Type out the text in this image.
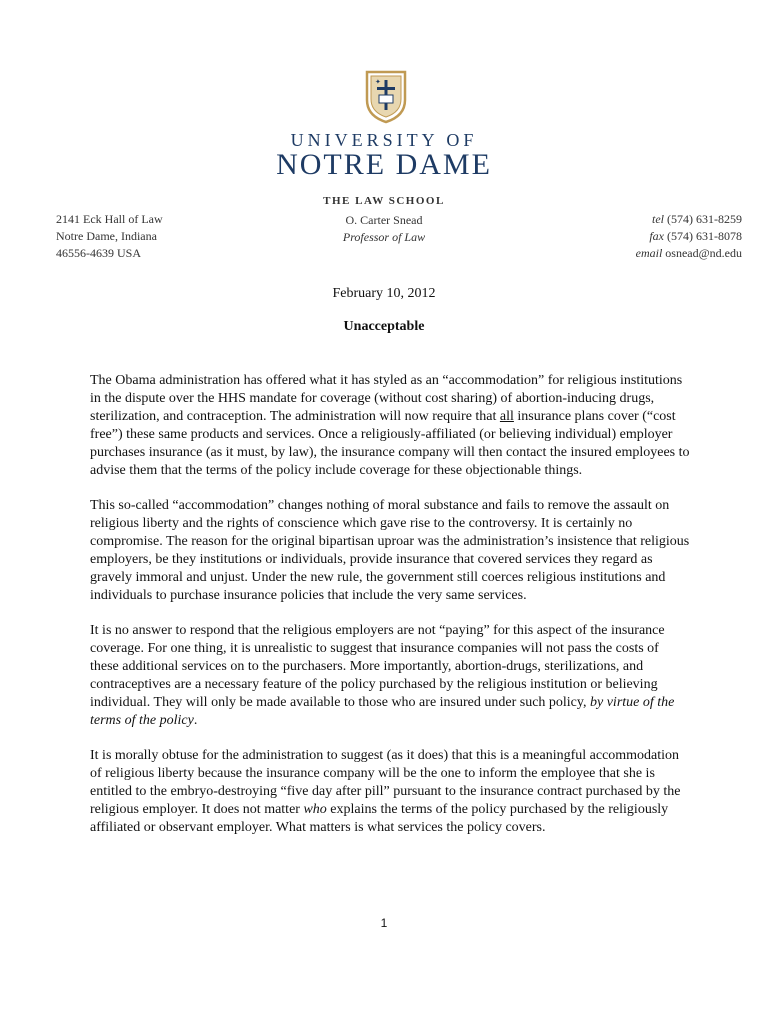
✦
UNIVERSITY OF
NOTRE DAME
THE LAW SCHOOL
O. Carter Snead
Professor of Law
2141 Eck Hall of Law
Notre Dame, Indiana
46556-4639 USA
tel (574) 631-8259
fax (574) 631-8078
email osnead@nd.edu
February 10, 2012
Unacceptable

The Obama administration has offered what it has styled as an “accommodation” for religious institutions in the dispute over the HHS mandate for coverage (without cost sharing) of abortion-inducing drugs, sterilization, and contraception. The administration will now require that all insurance plans cover (“cost free”) these same products and services. Once a religiously-affiliated (or believing individual) employer purchases insurance (as it must, by law), the insurance company will then contact the insured employees to advise them that the terms of the policy include coverage for these objectionable things.

This so-called “accommodation” changes nothing of moral substance and fails to remove the assault on religious liberty and the rights of conscience which gave rise to the controversy. It is certainly no compromise. The reason for the original bipartisan uproar was the administration’s insistence that religious employers, be they institutions or individuals, provide insurance that covered services they regard as gravely immoral and unjust. Under the new rule, the government still coerces religious institutions and individuals to purchase insurance policies that include the very same services.

It is no answer to respond that the religious employers are not “paying” for this aspect of the insurance coverage. For one thing, it is unrealistic to suggest that insurance companies will not pass the costs of these additional services on to the purchasers. More importantly, abortion-drugs, sterilizations, and contraceptives are a necessary feature of the policy purchased by the religious institution or believing individual. They will only be made available to those who are insured under such policy, by virtue of the terms of the policy.

It is morally obtuse for the administration to suggest (as it does) that this is a meaningful accommodation of religious liberty because the insurance company will be the one to inform the employee that she is entitled to the embryo-destroying “five day after pill” pursuant to the insurance contract purchased by the religious employer. It does not matter who explains the terms of the policy purchased by the religiously affiliated or observant employer. What matters is what services the policy covers.

1
